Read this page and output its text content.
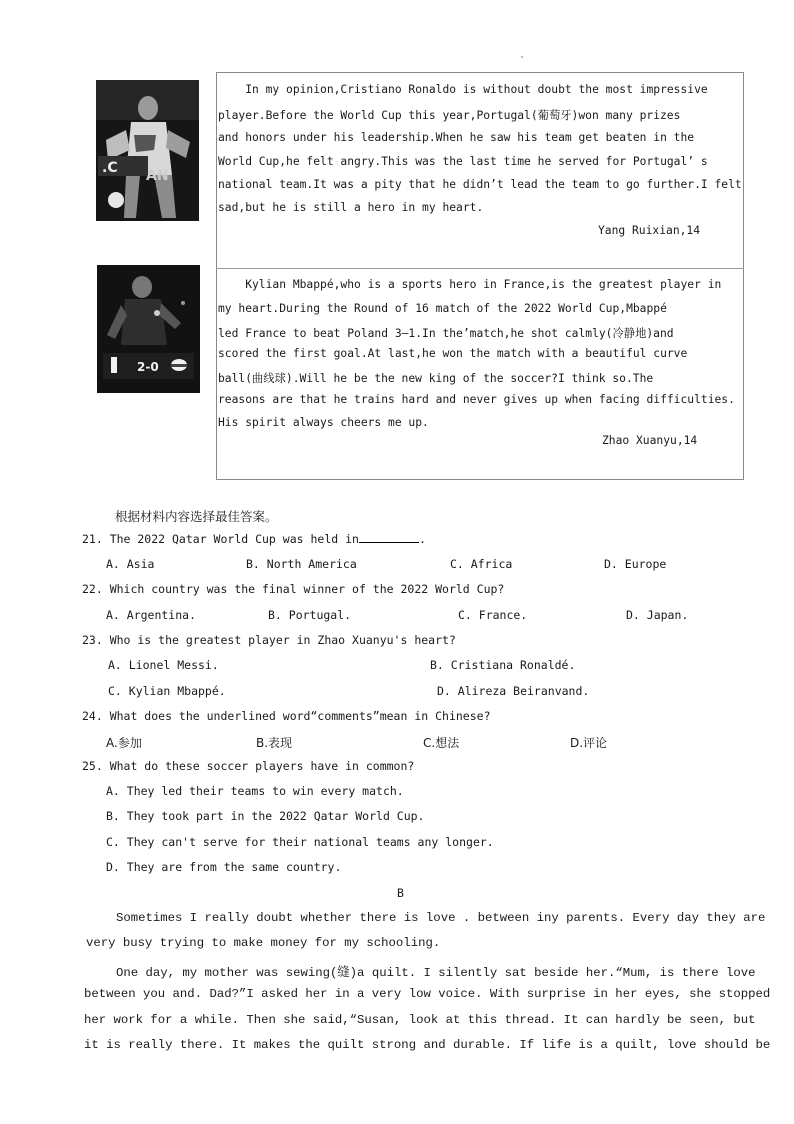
.C AN
In my opinion,Cristiano Ronaldo is without doubt the most impressive
player.Before the World Cup this year,Portugal(葡萄牙)won many prizes
and honors under his leadership.When he saw his team get beaten in the
World Cup,he felt angry.This was the last time he served for Portugal’ s
national team.It was a pity that he didn’t lead the team to go further.I felt
sad,but he is still a hero in my heart.
Yang Ruixian,14
2-0
Kylian Mbappé,who is a sports hero in France,is the greatest player in
my heart.During the Round of 16 match of the 2022 World Cup,Mbappé
led France to beat Poland 3—1.In the’match,he shot calmly(冷静地)and
scored the first goal.At last,he won the match with a beautiful curve
ball(曲线球).Will he be the new king of the soccer?I think so.The
reasons are that he trains hard and never gives up when facing difficulties.
His spirit always cheers me up.
Zhao Xuanyu,14
根据材料内容选择最佳答案。
21. The 2022 Qatar World Cup was held in	.
A. Asia	B. North America	C. Africa	D. Europe
22. Which country was the final winner of the 2022 World Cup?
A. Argentina.	B. Portugal.	C. France.	D. Japan.
23. Who is the greatest player in Zhao Xuanyu's heart?
A. Lionel Messi.	B. Cristiana Ronaldé.
C. Kylian Mbappé.	D. Alireza Beiranvand.
24. What does the underlined word“comments”mean in Chinese?
A.参加	B.表现	C.想法	D.评论
25. What do these soccer players have in common?
A. They led their teams to win every match.
B. They took part in the 2022 Qatar World Cup.
C. They can't serve for their national teams any longer.
D. They are from the same country.
B
Sometimes I really doubt whether there is love . between iny parents. Every day they are
very busy trying to make money for my schooling.
One day, my mother was sewing(缝)a quilt. I silently sat beside her.“Mum, is there love
between you and. Dad?”I asked her in a very low voice. With surprise in her eyes, she stopped
her work for a while. Then she said,“Susan, look at this thread. It can hardly be seen, but
it is really there. It makes the quilt strong and durable. If life is a quilt, love should be
